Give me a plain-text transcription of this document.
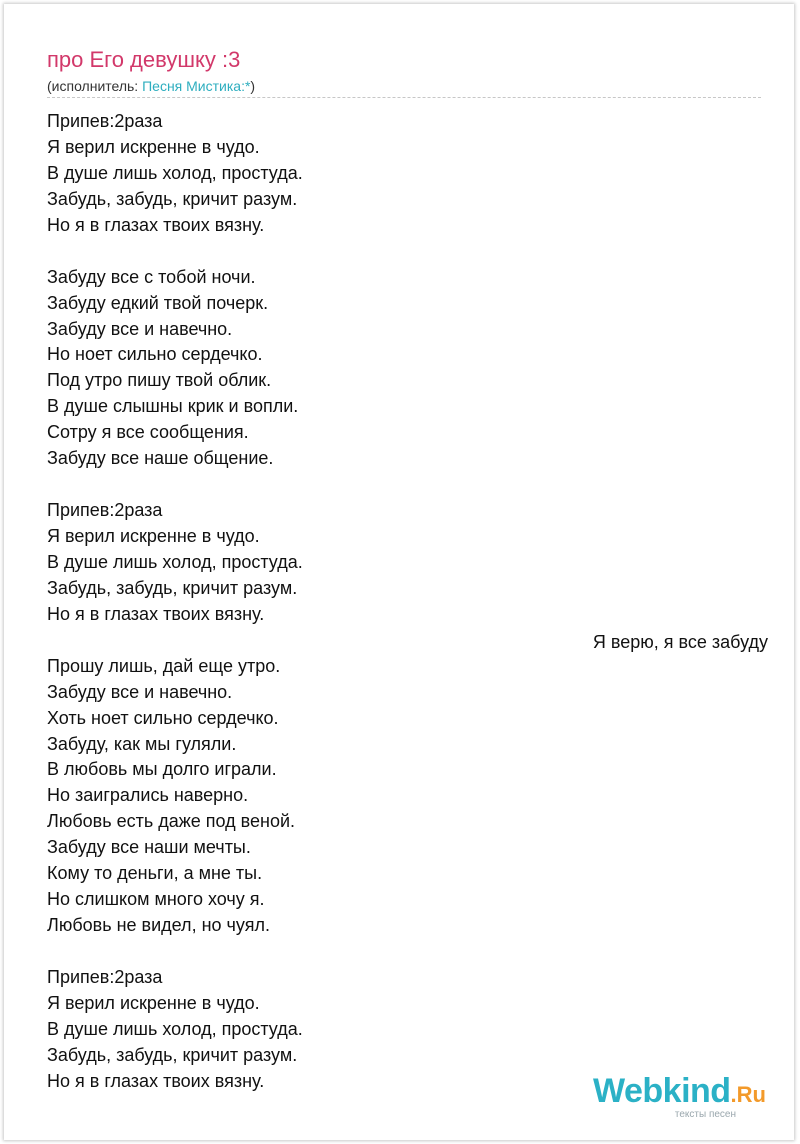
про Его девушку :3
(исполнитель: Песня Мистика:*)
Припев:2раза
Я верил искренне в чудо.
В душе лишь холод, простуда.
Забудь, забудь, кричит разум.
Но я в глазах твоих вязну.
Забуду все с тобой ночи.
Забуду едкий твой почерк.
Забуду все и навечно.
Но ноет сильно сердечко.
Под утро пишу твой облик.
В душе слышны крик и вопли.
Сотру я все сообщения.
Забуду все наше общение.
Припев:2раза
Я верил искренне в чудо.
В душе лишь холод, простуда.
Забудь, забудь, кричит разум.
Но я в глазах твоих вязну.
Прошу лишь, дай еще утро.
Забуду все и навечно.
Хоть ноет сильно сердечко.
Забуду, как мы гуляли.
В любовь мы долго играли.
Но заигрались наверно.
Любовь есть даже под веной.
Забуду все наши мечты.
Кому то деньги, а мне ты.
Но слишком много хочу я.
Любовь не видел, но чуял.
Припев:2раза
Я верил искренне в чудо.
В душе лишь холод, простуда.
Забудь, забудь, кричит разум.
Но я в глазах твоих вязну.
Я верю, я все забуду
Webkind.Ru
тексты песен
